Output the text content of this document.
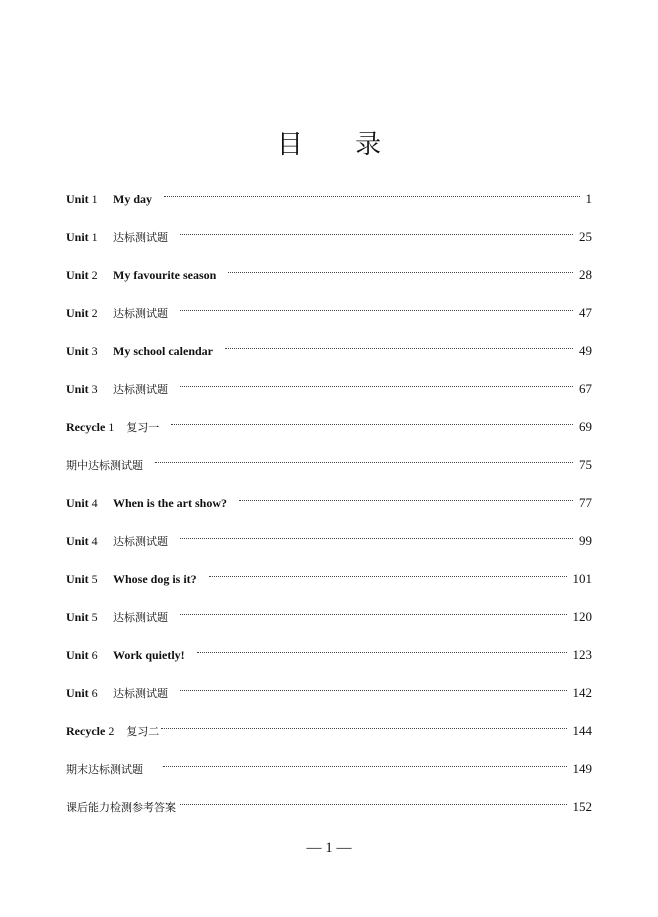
目 录
Unit 1	My day	1
Unit 1	达标测试题	25
Unit 2	My favourite season	28
Unit 2	达标测试题	47
Unit 3	My school calendar	49
Unit 3	达标测试题	67
Recycle 1 复习一	69
期中达标测试题	75
Unit 4	When is the art show?	77
Unit 4	达标测试题	99
Unit 5	Whose dog is it?	101
Unit 5	达标测试题	120
Unit 6	Work quietly!	123
Unit 6	达标测试题	142
Recycle 2 复习二	144
期末达标测试题	149
课后能力检测参考答案	152
— 1 —
